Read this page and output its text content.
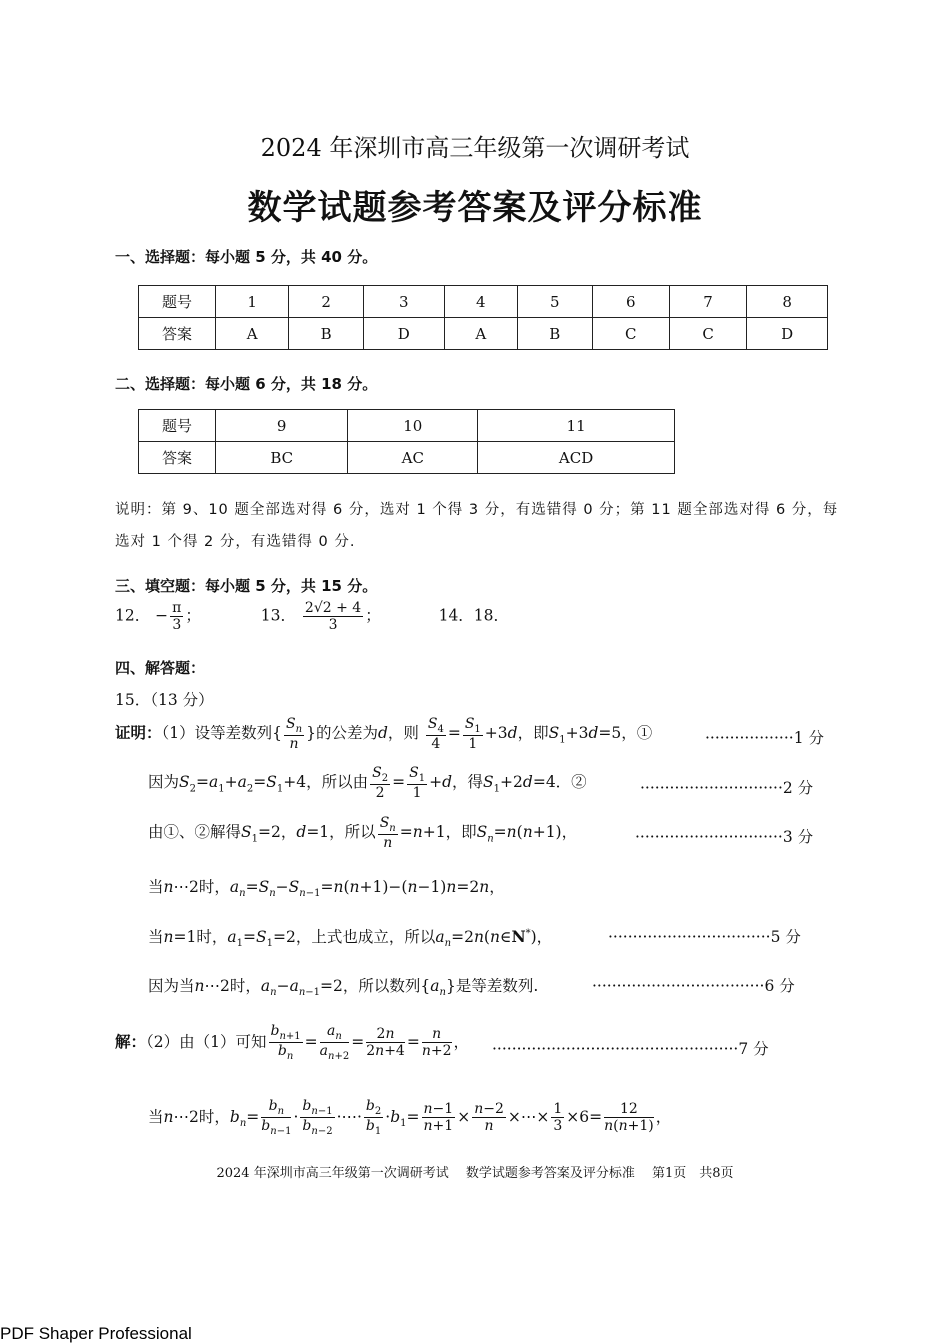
2024 年深圳市高三年级第一次调研考试
数学试题参考答案及评分标准
一、选择题：每小题 5 分，共 40 分。
题号	1	2	3	4	5	6	7	8
答案	A	B	D	A	B	C	C	D
二、选择题：每小题 6 分，共 18 分。
题号	9	10	11
答案	BC	AC	ACD
说明：第 9、10 题全部选对得 6 分，选对 1 个得 3 分，有选错得 0 分；第 11 题全部选对得 6 分，每
选对 1 个得 2 分，有选错得 0 分.
三、填空题：每小题 5 分，共 15 分。
12． − $\frac{\pi}{3}$ ；	13． $\frac{2√2 + 4}{3}$ ；	14．18．
四、解答题：
15．（13 分）
证明：（1）设等差数列{ $\frac{S_n}{n}$ }的公差为d，则 $\frac{S_4}{4} = \frac{S_1}{1} +3d$，即$S_1+3d=5$，①	··················1 分
因为$S_2=a_1+a_2=S_1+4$，所以由 $\frac{S_2}{2} = \frac{S_1}{1} +d$，得$S_1+2d=4$．②	·····························2 分
由①、②解得$S_1=2$，d=1，所以 $\frac{S_n}{n} =n+1$，即$S_n=n(n+1)$，	······························3 分
当n⋯2时，$a_n=S_n-S_{n-1}=n(n+1)-(n-1)n=2n$，
当n=1时，$a_1=S_1=2$，上式也成立，所以$a_n=2n(n\in N^*)$，	·································5 分
因为当n⋯2时，$a_n-a_{n-1}=2$，所以数列$\{a_n\}$是等差数列.	···································6 分
解：（2）由（1）可知 $\frac{b_{n+1}}{b_n} = \frac{a_n}{a_{n+2}} = \frac{2n}{2n+4} = \frac{n}{n+2}$ ， ··················································7 分
当n⋯2时，$b_n= \frac{b_n}{b_{n-1}} \cdot \frac{b_{n-1}}{b_{n-2}}$ ·⋯· $\frac{b_2}{b_1} \cdot b_1= \frac{n-1}{n+1} \times \frac{n-2}{n}$ ×⋯× $\frac{1}{3} \times 6= \frac{12}{n(n+1)}$ ，
2024 年深圳市高三年级第一次调研考试　 数学试题参考答案及评分标准　 第1页　共8页
PDF Shaper Professional
